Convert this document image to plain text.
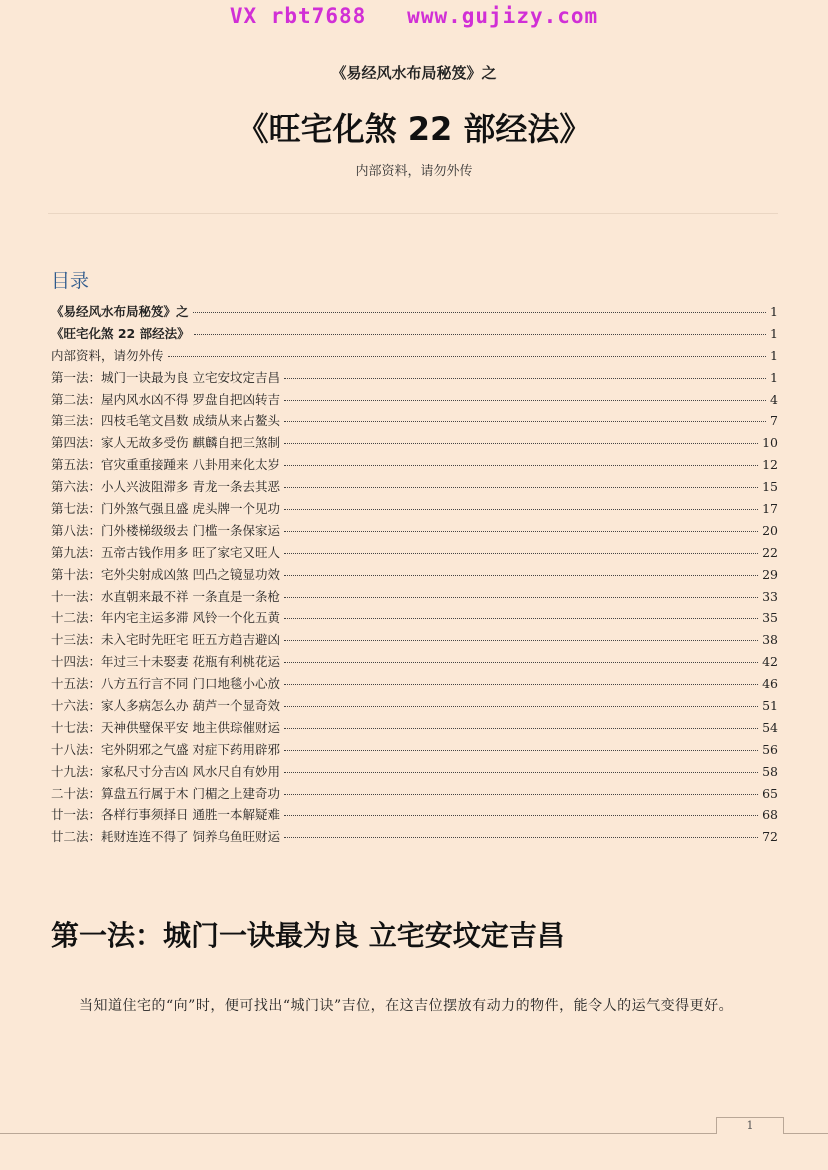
VX rbt7688   www.gujizy.com
《易经风水布局秘笈》之
《旺宅化煞 22 部经法》
内部资料，请勿外传
目录
《易经风水布局秘笈》之	1
《旺宅化煞 22 部经法》	1
内部资料，请勿外传	1
第一法：城门一诀最为良 立宅安坟定吉昌	1
第二法：屋内风水凶不得 罗盘自把凶转吉	4
第三法：四枝毛笔文昌数 成绩从来占鳌头	7
第四法：家人无故多受伤 麒麟自把三煞制	10
第五法：官灾重重接踵来 八卦用来化太岁	12
第六法：小人兴波阻滞多 青龙一条去其恶	15
第七法：门外煞气强且盛 虎头牌一个见功	17
第八法：门外楼梯级级去 门槛一条保家运	20
第九法：五帝古钱作用多 旺了家宅又旺人	22
第十法：宅外尖射成凶煞 凹凸之镜显功效	29
十一法：水直朝来最不祥 一条直是一条枪	33
十二法：年内宅主运多滞 风铃一个化五黄	35
十三法：未入宅时先旺宅 旺五方趋吉避凶	38
十四法：年过三十未娶妻 花瓶有利桃花运	42
十五法：八方五行言不同 门口地毯小心放	46
十六法：家人多病怎么办 葫芦一个显奇效	51
十七法：天神供璧保平安 地主供琮催财运	54
十八法：宅外阴邪之气盛 对症下药用辟邪	56
十九法：家私尺寸分吉凶 风水尺自有妙用	58
二十法：算盘五行属于木 门楣之上建奇功	65
廿一法：各样行事须择日 通胜一本解疑难	68
廿二法：耗财连连不得了 饲养乌鱼旺财运	72
第一法：城门一诀最为良 立宅安坟定吉昌
当知道住宅的“向”时，便可找出“城门诀”吉位，在这吉位摆放有动力的物件，能令人的运气变得更好。
1
